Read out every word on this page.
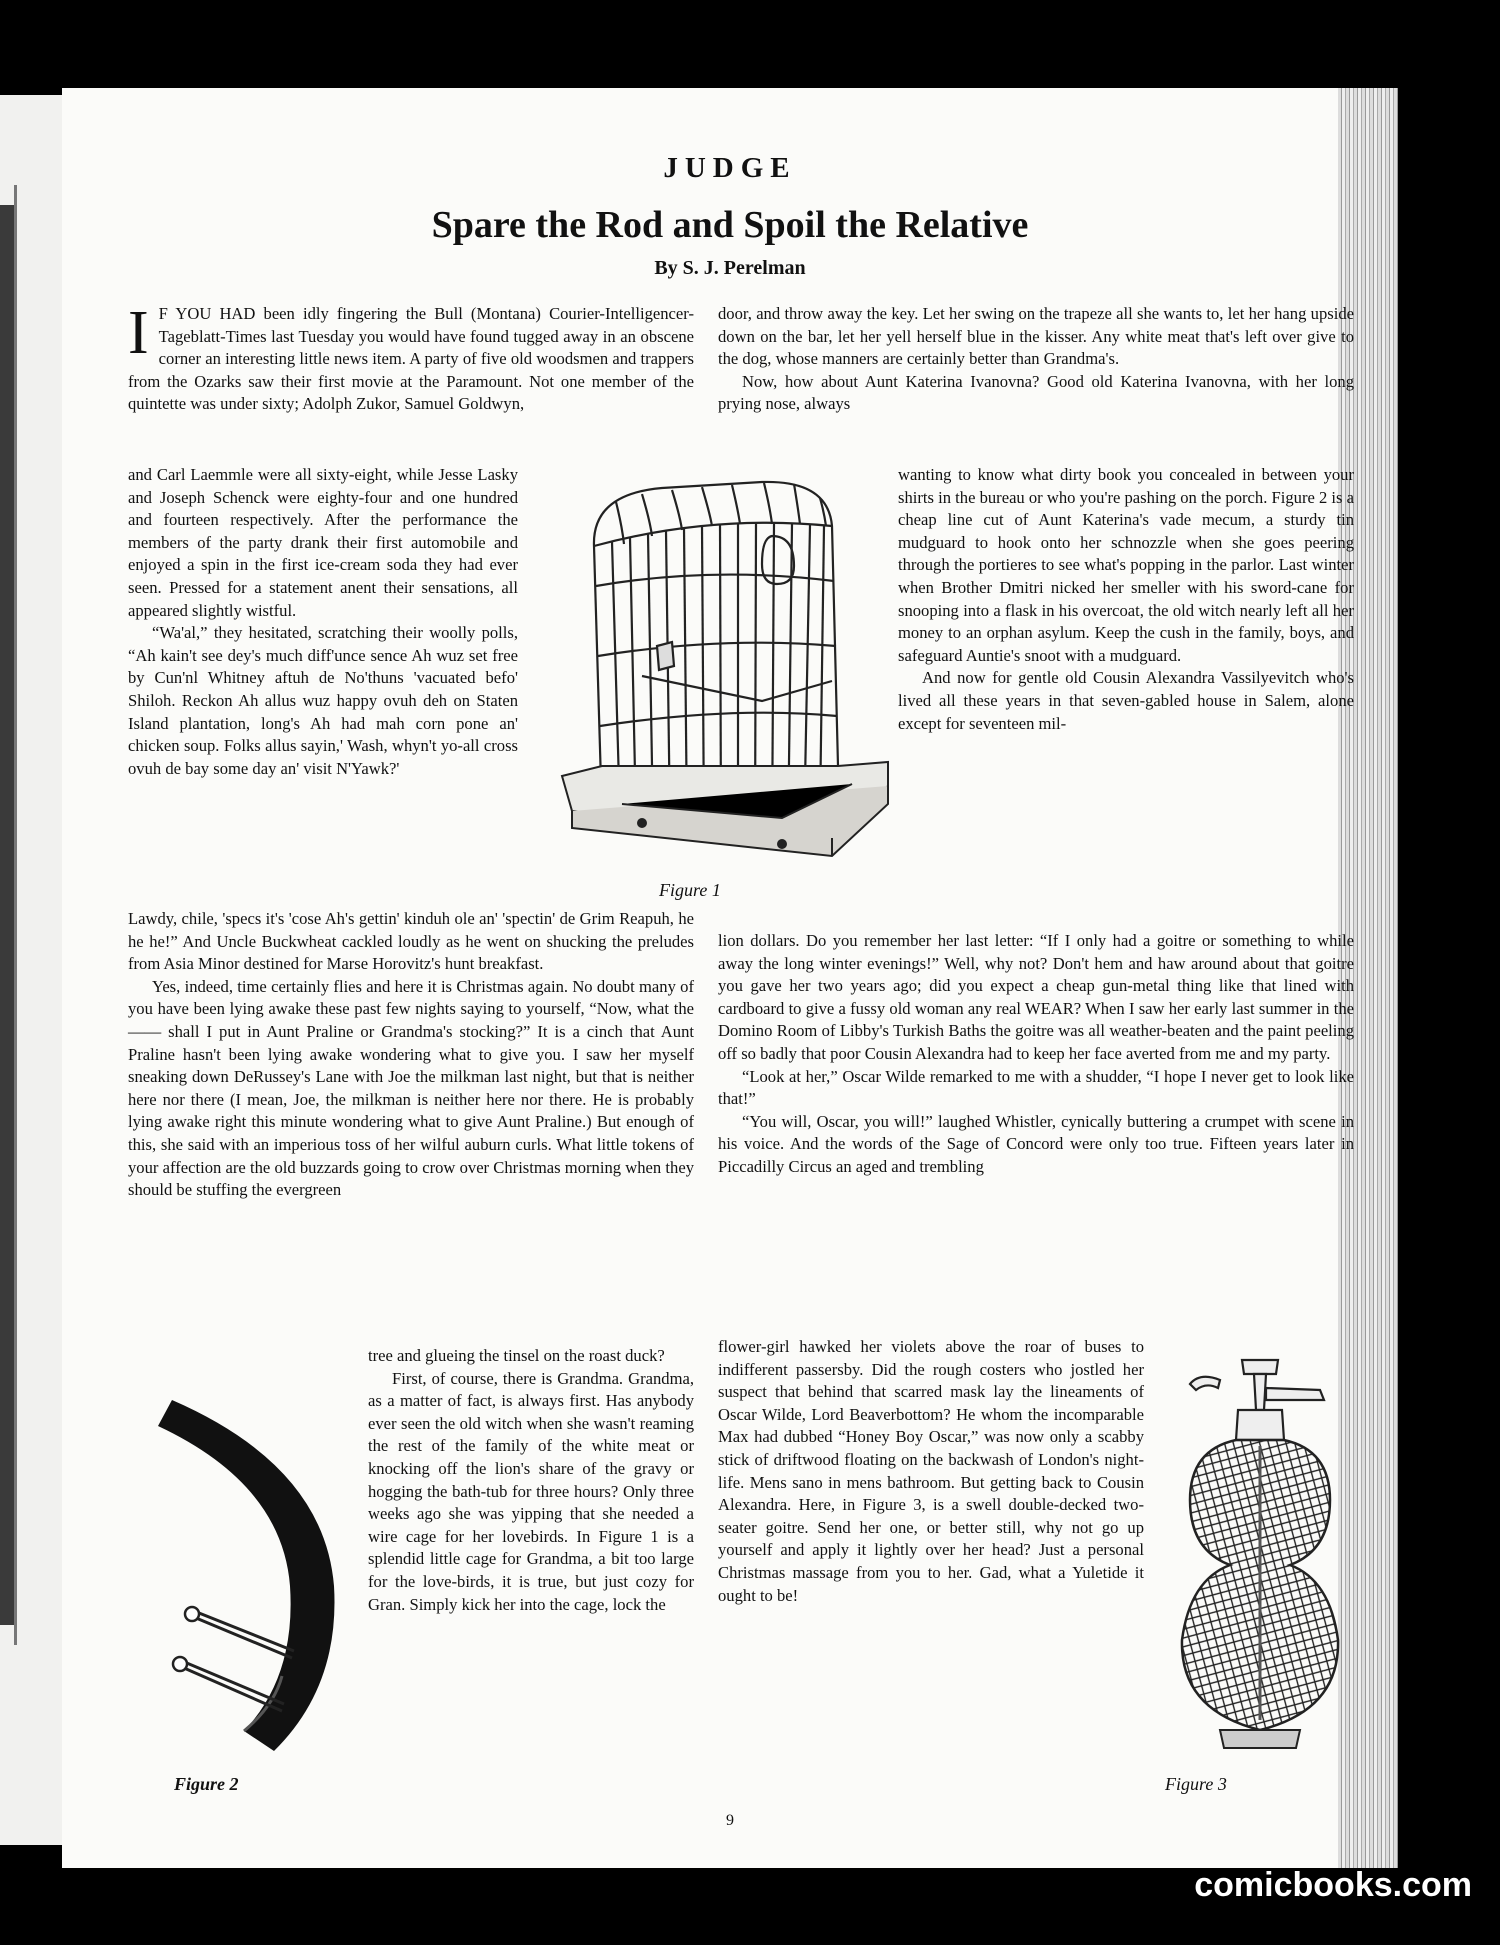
JUDGE
Spare the Rod and Spoil the Relative
By S. J. Perelman

I F YOU HAD been idly fingering the Bull (Montana) Courier-Intelligencer-Tageblatt-Times last Tuesday you would have found tugged away in an obscene corner an interesting little news item. A party of five old woodsmen and trappers from the Ozarks saw their first movie at the Paramount. Not one member of the quintette was under sixty; Adolph Zukor, Samuel Goldwyn,

and Carl Laemmle were all sixty-eight, while Jesse Lasky and Joseph Schenck were eighty-four and one hundred and fourteen respectively. After the performance the members of the party drank their first automobile and enjoyed a spin in the first ice-cream soda they had ever seen. Pressed for a statement anent their sensations, all appeared slightly wistful.

“Wa'al,” they hesitated, scratching their woolly polls, “Ah kain't see dey's much diff'unce sence Ah wuz set free by Cun'nl Whitney aftuh de No'thuns 'vacuated befo' Shiloh. Reckon Ah allus wuz happy ovuh deh on Staten Island plantation, long's Ah had mah corn pone an' chicken soup. Folks allus sayin,' Wash, whyn't yo-all cross ovuh de bay some day an' visit N'Yawk?'

Figure 1

Lawdy, chile, 'specs it's 'cose Ah's gettin' kinduh ole an' 'spectin' de Grim Reapuh, he he he!” And Uncle Buckwheat cackled loudly as he went on shucking the preludes from Asia Minor destined for Marse Horovitz's hunt breakfast.

Yes, indeed, time certainly flies and here it is Christmas again. No doubt many of you have been lying awake these past few nights saying to yourself, “Now, what the —— shall I put in Aunt Praline or Grandma's stocking?” It is a cinch that Aunt Praline hasn't been lying awake wondering what to give you. I saw her myself sneaking down DeRussey's Lane with Joe the milkman last night, but that is neither here nor there (I mean, Joe, the milkman is neither here nor there. He is probably lying awake right this minute wondering what to give Aunt Praline.) But enough of this, she said with an imperious toss of her wilful auburn curls. What little tokens of your affection are the old buzzards going to crow over Christmas morning when they should be stuffing the evergreen

tree and glueing the tinsel on the roast duck?

First, of course, there is Grandma. Grandma, as a matter of fact, is always first. Has anybody ever seen the old witch when she wasn't reaming the rest of the family of the white meat or knocking off the lion's share of the gravy or hogging the bath-tub for three hours? Only three weeks ago she was yipping that she needed a wire cage for her lovebirds. In Figure 1 is a splendid little cage for Grandma, a bit too large for the love-birds, it is true, but just cozy for Gran. Simply kick her into the cage, lock the

Figure 2

door, and throw away the key. Let her swing on the trapeze all she wants to, let her hang upside down on the bar, let her yell herself blue in the kisser. Any white meat that's left over give to the dog, whose manners are certainly better than Grandma's.

Now, how about Aunt Katerina Ivanovna? Good old Katerina Ivanovna, with her long prying nose, always

wanting to know what dirty book you concealed in between your shirts in the bureau or who you're pashing on the porch. Figure 2 is a cheap line cut of Aunt Katerina's vade mecum, a sturdy tin mudguard to hook onto her schnozzle when she goes peering through the portieres to see what's popping in the parlor. Last winter when Brother Dmitri nicked her smeller with his sword-cane for snooping into a flask in his overcoat, the old witch nearly left all her money to an orphan asylum. Keep the cush in the family, boys, and safeguard Auntie's snoot with a mudguard.

And now for gentle old Cousin Alexandra Vassilyevitch who's lived all these years in that seven-gabled house in Salem, alone except for seventeen mil-

lion dollars. Do you remember her last letter: “If I only had a goitre or something to while away the long winter evenings!” Well, why not? Don't hem and haw around about that goitre you gave her two years ago; did you expect a cheap gun-metal thing like that lined with cardboard to give a fussy old woman any real WEAR? When I saw her early last summer in the Domino Room of Libby's Turkish Baths the goitre was all weather-beaten and the paint peeling off so badly that poor Cousin Alexandra had to keep her face averted from me and my party.

“Look at her,” Oscar Wilde remarked to me with a shudder, “I hope I never get to look like that!”

“You will, Oscar, you will!” laughed Whistler, cynically buttering a crumpet with scene in his voice. And the words of the Sage of Concord were only too true. Fifteen years later in Piccadilly Circus an aged and trembling

flower-girl hawked her violets above the roar of buses to indifferent passersby. Did the rough costers who jostled her suspect that behind that scarred mask lay the lineaments of Oscar Wilde, Lord Beaverbottom? He whom the incomparable Max had dubbed “Honey Boy Oscar,” was now only a scabby stick of driftwood floating on the backwash of London's night-life. Mens sano in mens bathroom. But getting back to Cousin Alexandra. Here, in Figure 3, is a swell double-decked two-seater goitre. Send her one, or better still, why not go up yourself and apply it lightly over her head? Just a personal Christmas massage from you to her. Gad, what a Yuletide it ought to be!

Figure 3
9
comicbooks.com
